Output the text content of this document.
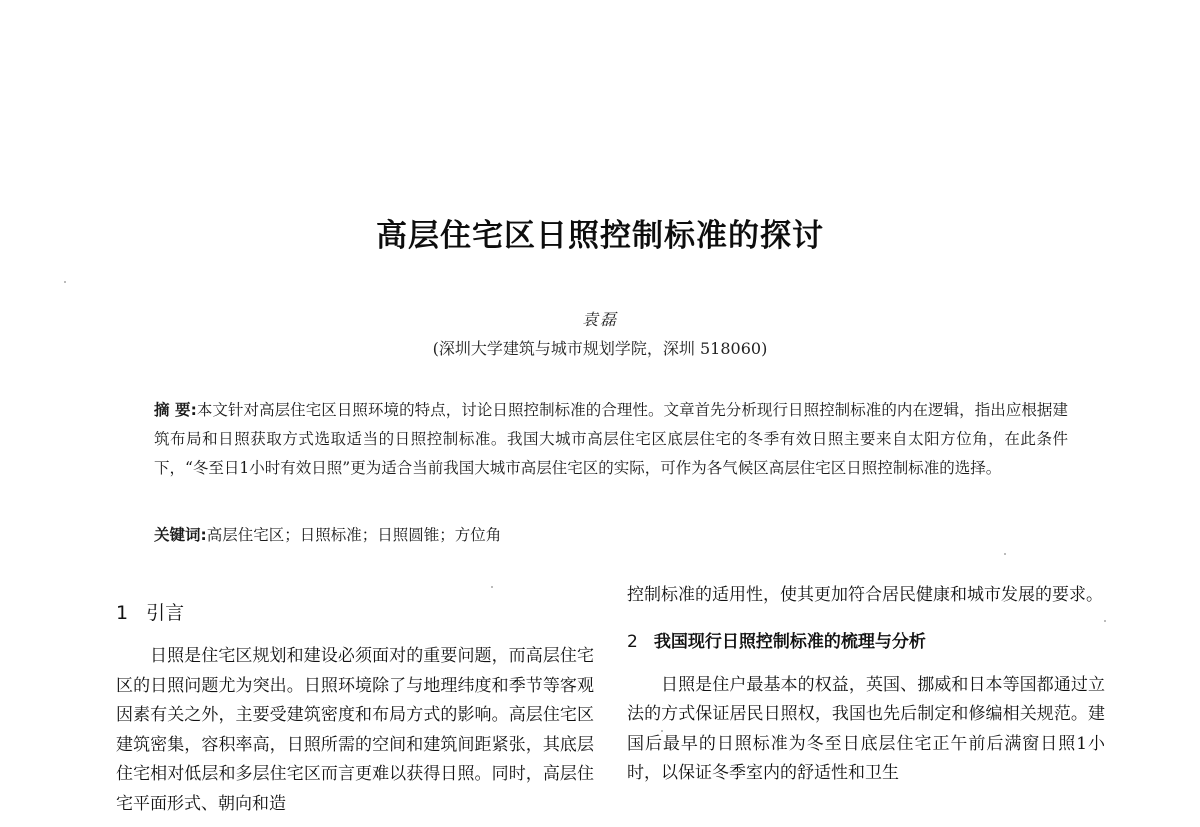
高层住宅区日照控制标准的探讨
袁磊
(深圳大学建筑与城市规划学院，深圳 518060)

摘 要:本文针对高层住宅区日照环境的特点，讨论日照控制标准的合理性。文章首先分析现行日照控制标准的内在逻辑，指出应根据建筑布局和日照获取方式选取适当的日照控制标准。我国大城市高层住宅区底层住宅的冬季有效日照主要来自太阳方位角，在此条件下，“冬至日1小时有效日照”更为适合当前我国大城市高层住宅区的实际，可作为各气候区高层住宅区日照控制标准的选择。

关键词:高层住宅区；日照标准；日照圆锥；方位角

1 引言

日照是住宅区规划和建设必须面对的重要问题，而高层住宅区的日照问题尤为突出。日照环境除了与地理纬度和季节等客观因素有关之外，主要受建筑密度和布局方式的影响。高层住宅区建筑密集，容积率高，日照所需的空间和建筑间距紧张，其底层住宅相对低层和多层住宅区而言更难以获得日照。同时，高层住宅平面形式、朝向和造

控制标准的适用性，使其更加符合居民健康和城市发展的要求。

2 我国现行日照控制标准的梳理与分析

日照是住户最基本的权益，英国、挪威和日本等国都通过立法的方式保证居民日照权，我国也先后制定和修编相关规范。建国后最早的日照标准为冬至日底层住宅正午前后满窗日照1小时，以保证冬季室内的舒适性和卫生
